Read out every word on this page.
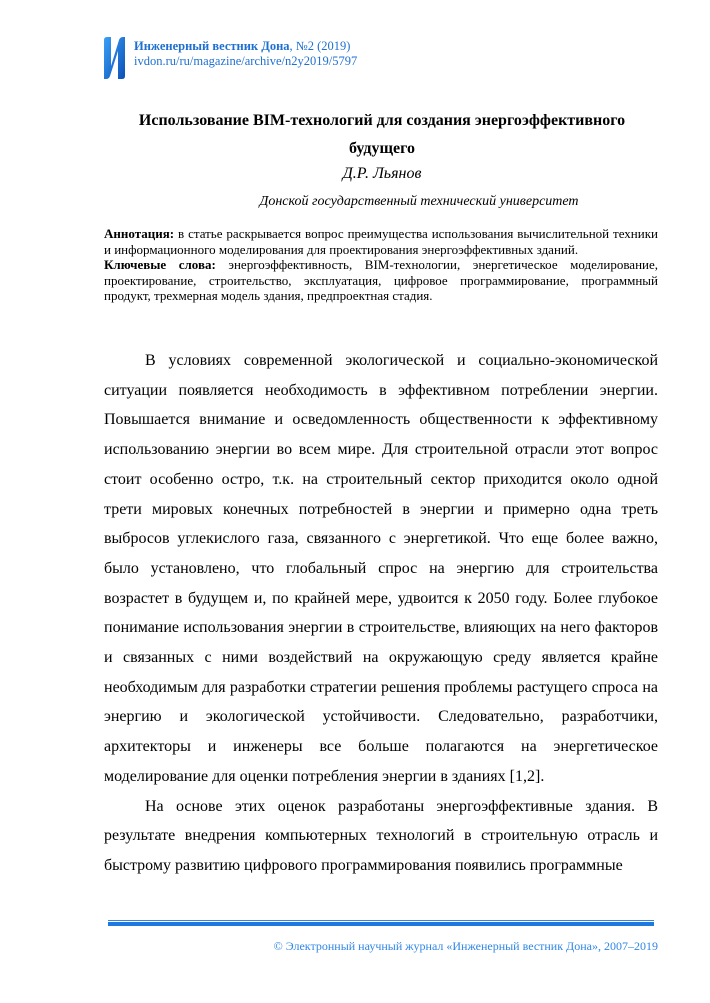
Инженерный вестник Дона, №2 (2019)
ivdon.ru/ru/magazine/archive/n2y2019/5797
Использование BIM-технологий для создания энергоэффективного будущего
Д.Р. Льянов
Донской государственный технический университет

Аннотация: в статье раскрывается вопрос преимущества использования вычислительной техники и информационного моделирования для проектирования энергоэффективных зданий.

Ключевые слова: энергоэффективность, BIM-технологии, энергетическое моделирование, проектирование, строительство, эксплуатация, цифровое программирование, программный продукт, трехмерная модель здания, предпроектная стадия.

В условиях современной экологической и социально-экономической ситуации появляется необходимость в эффективном потреблении энергии. Повышается внимание и осведомленность общественности к эффективному использованию энергии во всем мире. Для строительной отрасли этот вопрос стоит особенно остро, т.к. на строительный сектор приходится около одной трети мировых конечных потребностей в энергии и примерно одна треть выбросов углекислого газа, связанного с энергетикой. Что еще более важно, было установлено, что глобальный спрос на энергию для строительства возрастет в будущем и, по крайней мере, удвоится к 2050 году. Более глубокое понимание использования энергии в строительстве, влияющих на него факторов и связанных с ними воздействий на окружающую среду является крайне необходимым для разработки стратегии решения проблемы растущего спроса на энергию и экологической устойчивости. Следовательно, разработчики, архитекторы и инженеры все больше полагаются на энергетическое моделирование для оценки потребления энергии в зданиях [1,2].

На основе этих оценок разработаны энергоэффективные здания. В результате внедрения компьютерных технологий в строительную отрасль и быстрому развитию цифрового программирования появились программные

© Электронный научный журнал «Инженерный вестник Дона», 2007–2019
